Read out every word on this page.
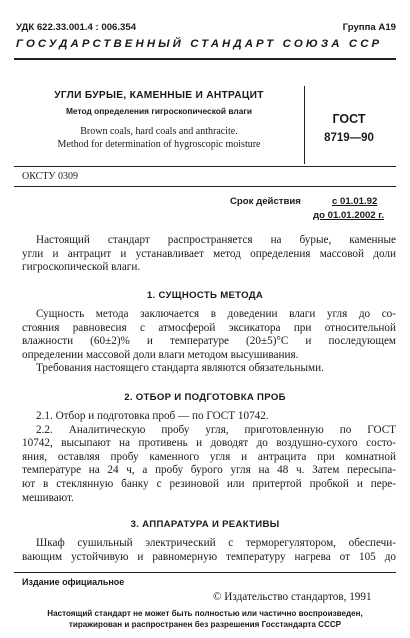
УДК 622.33.001.4 : 006.354	Группа А19
ГОСУДАРСТВЕННЫЙ СТАНДАРТ СОЮЗА ССР
УГЛИ БУРЫЕ, КАМЕННЫЕ И АНТРАЦИТ
Метод определения гигроскопической влаги
Brown coals, hard coals and anthracite.
Method for determination of hygroscopic moisture
ГОСТ
8719—90
ОКСТУ 0309
Срок действия	с 01.01.92
до 01.01.2002 г.
Настоящий стандарт распространяется на бурые, каменные
угли и антрацит и устанавливает метод определения массовой доли
гигроскопической влаги.
1. СУЩНОСТЬ МЕТОДА
Сущность метода заключается в доведении влаги угля до со-
стояния равновесия с атмосферой эксикатора при относительной
влажности (60±2)% и температуре (20±5)°С и последующем
определении массовой доли влаги методом высушивания.
Требования настоящего стандарта являются обязательными.
2. ОТБОР И ПОДГОТОВКА ПРОБ
2.1. Отбор и подготовка проб — по ГОСТ 10742.
2.2. Аналитическую пробу угля, приготовленную по ГОСТ
10742, высыпают на противень и доводят до воздушно-сухого состо-
яния, оставляя пробу каменного угля и антрацита при комнатной
температуре на 24 ч, а пробу бурого угля на 48 ч. Затем пересыпа-
ют в стеклянную банку с резиновой или притертой пробкой и пере-
мешивают.
3. АППАРАТУРА И РЕАКТИВЫ
Шкаф сушильный электрический с терморегулятором, обеспечи-
вающим устойчивую и равномерную температуру нагрева от 105 до
Издание официальное
© Издательство стандартов, 1991
Настоящий стандарт не может быть полностью или частично воспроизведен,
тиражирован и распространен без разрешения Госстандарта СССР
